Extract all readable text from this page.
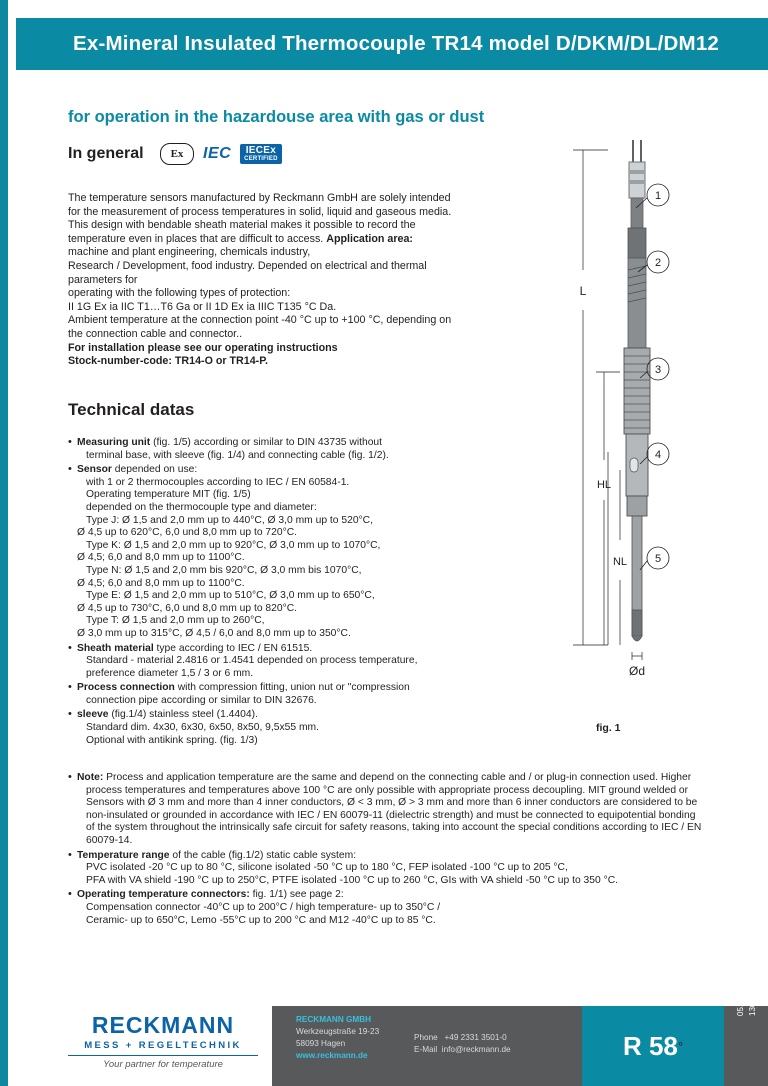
Ex-Mineral Insulated Thermocouple TR14 model D/DKM/DL/DM12
for operation in the hazardouse area with gas or dust
In general Ex IEC IECEx
CERTIFIED
The temperature sensors manufactured by Reckmann GmbH are solely intended
for the measurement of process temperatures in solid, liquid and gaseous media.
This design with bendable sheath material makes it possible to record the
temperature even in places that are difficult to access. Application area:
machine and plant engineering, chemicals industry,
Research / Development, food industry. Depended on electrical and thermal parameters for
operating with the following types of protection:
II 1G Ex ia IIC T1…T6 Ga or II 1D Ex ia IIIC T135 °C Da.
Ambient temperature at the connection point -40 °C up to +100 °C, depending on the connection cable and connector..
For installation please see our operating instructions
Stock-number-code: TR14-O or TR14-P.
Technical datas
• Measuring unit (fig. 1/5) according or similar to DIN 43735 without

terminal base, with sleeve (fig. 1/4) and connecting cable (fig. 1/2).
• Sensor depended on use:

with 1 or 2 thermocouples according to IEC / EN 60584-1.
Operating temperature MIT (fig. 1/5)
depended on the thermocouple type and diameter:
Type J: Ø 1,5 and 2,0 mm up to 440°C, Ø 3,0 mm up to 520°C,
Ø 4,5 up to 620°C, 6,0 und 8,0 mm up to 720°C.
Type K: Ø 1,5 and 2,0 mm up to 920°C, Ø 3,0 mm up to 1070°C,
Ø 4,5; 6,0 and 8,0 mm up to 1100°C.
Type N: Ø 1,5 and 2,0 mm bis 920°C, Ø 3,0 mm bis 1070°C,
Ø 4,5; 6,0 and 8,0 mm up to 1100°C.
Type E: Ø 1,5 and 2,0 mm up to 510°C, Ø 3,0 mm up to 650°C,
Ø 4,5 up to 730°C, 6,0 und 8,0 mm up to 820°C.
Type T: Ø 1,5 and 2,0 mm up to 260°C,
Ø 3,0 mm up to 315°C, Ø 4,5 / 6,0 and 8,0 mm up to 350°C.
• Sheath material type according to IEC / EN 61515.

Standard - material 2.4816 or 1.4541 depended on process temperature,
preference diameter 1,5 / 3 or 6 mm.
• Process connection with compression fitting, union nut or "compression

connection pipe according or similar to DIN 32676.
• sleeve (fig.1/4) stainless steel (1.4404).

Standard dim. 4x30, 6x30, 6x50, 8x50, 9,5x55 mm.
Optional with antikink spring. (fig. 1/3)
• Note: Process and application temperature are the same and depend on the connecting cable and / or plug-in connection used. Higher

process temperatures and temperatures above 100 °C are only possible with appropriate process decoupling. MIT ground welded or
Sensors with Ø 3 mm and more than 4 inner conductors, Ø < 3 mm, Ø > 3 mm and more than 6 inner conductors are considered to be
non-insulated or grounded in accordance with IEC / EN 60079-11 (dielectric strength) and must be connected to equipotential bonding
of the system throughout the intrinsically safe circuit for safety reasons, taking into account the special conditions according to IEC / EN
60079-14.
• Temperature range of the cable (fig.1/2) static cable system:

PVC isolated -20 °C up to 80 °C, silicone isolated -50 °C up to 180 °C, FEP isolated -100 °C up to 205 °C,
PFA with VA shield -190 °C up to 250°C, PTFE isolated -100 °C up to 260 °C, GIs with VA shield -50 °C up to 350 °C.
• Operating temperature connectors: fig. 1/1) see page 2:

Compensation connector -40°C up to 200°C / high temperature- up to 350°C /
Ceramic- up to 650°C, Lemo -55°C up to 200 °C and M12 -40°C up to 85 °C.
L
HL
NL
Ød
1
2
3
4
5
fig. 1
RECKMANN
MESS + REGELTECHNIK
Your partner for temperature
RECKMANN GMBH
Werkzeugstraße 19-23
58093 Hagen
www.reckmann.de
Phone +49 2331 3501-0
E-Mail info@reckmann.de	R 58 °
05.2022 136039
